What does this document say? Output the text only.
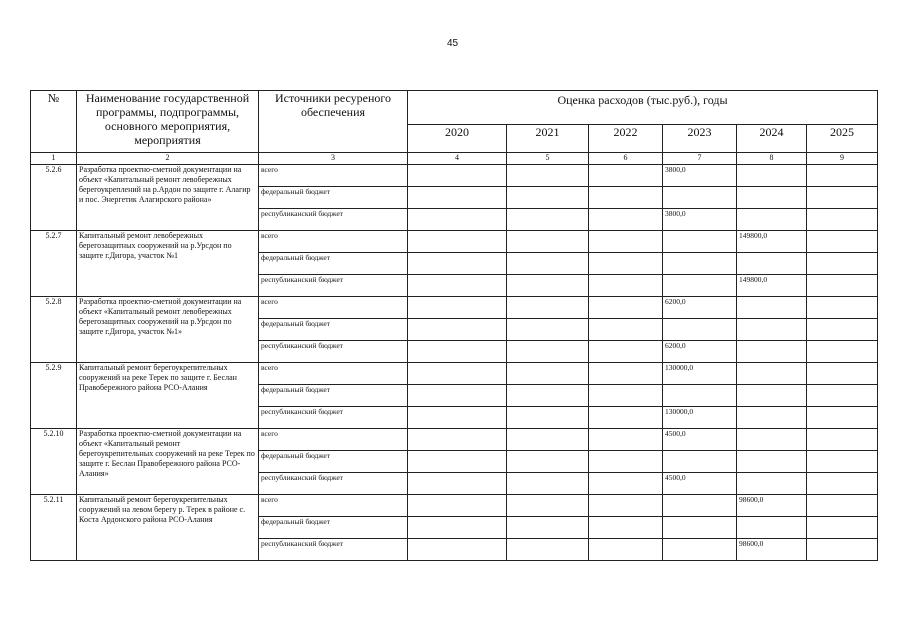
45
№	Наименование государственной программы, подпрограммы, основного мероприятия, мероприятия	Источники ресуреного обеспечения	Оценка расходов (тыс.руб.), годы					
			2020	2021	2022	2023	2024	2025
1	2	3	4	5	6	7	8	9
5.2.6	Разработка проектно-сметной документации на объект «Капитальный ремонт левобережных берегоукреплений на р.Ардон по защите г. Алагир и пос. Энергетик Алагирского района»	всего				3800,0		
		федеральный бюджет						
		республиканский бюджет				3800,0		
5.2.7	Капитальный ремонт левобережных берегозащитных сооружений на р.Урсдон по защите г.Дигора, участок №1	всего					149800,0	
		федеральный бюджет						
		республиканский бюджет					149800,0	
5.2.8	Разработка проектно-сметной документации на объект «Капитальный ремонт левобережных берегозащитных сооружений на р.Урсдон по защите г.Дигора, участок №1»	всего				6200,0		
		федеральный бюджет						
		республиканский бюджет				6200,0		
5.2.9	Капитальный ремонт берегоукрепительных сооружений на реке Терек по защите г. Беслан Правобережного района РСО-Алания	всего				130000,0		
		федеральный бюджет						
		республиканский бюджет				130000,0		
5.2.10	Разработка проектно-сметной документации на объект «Капитальный ремонт берегоукрепительных сооружений на реке Терек по защите г. Беслан Правобережного района РСО-Алания»	всего				4500,0		
		федеральный бюджет						
		республиканский бюджет				4500,0		
5.2.11	Капитальный ремонт берегоукрепительных сооружений на левом берегу р. Терек в районе с. Коста Ардонского района РСО-Алания	всего					98600,0	
		федеральный бюджет						
		республиканский бюджет					98600,0	
